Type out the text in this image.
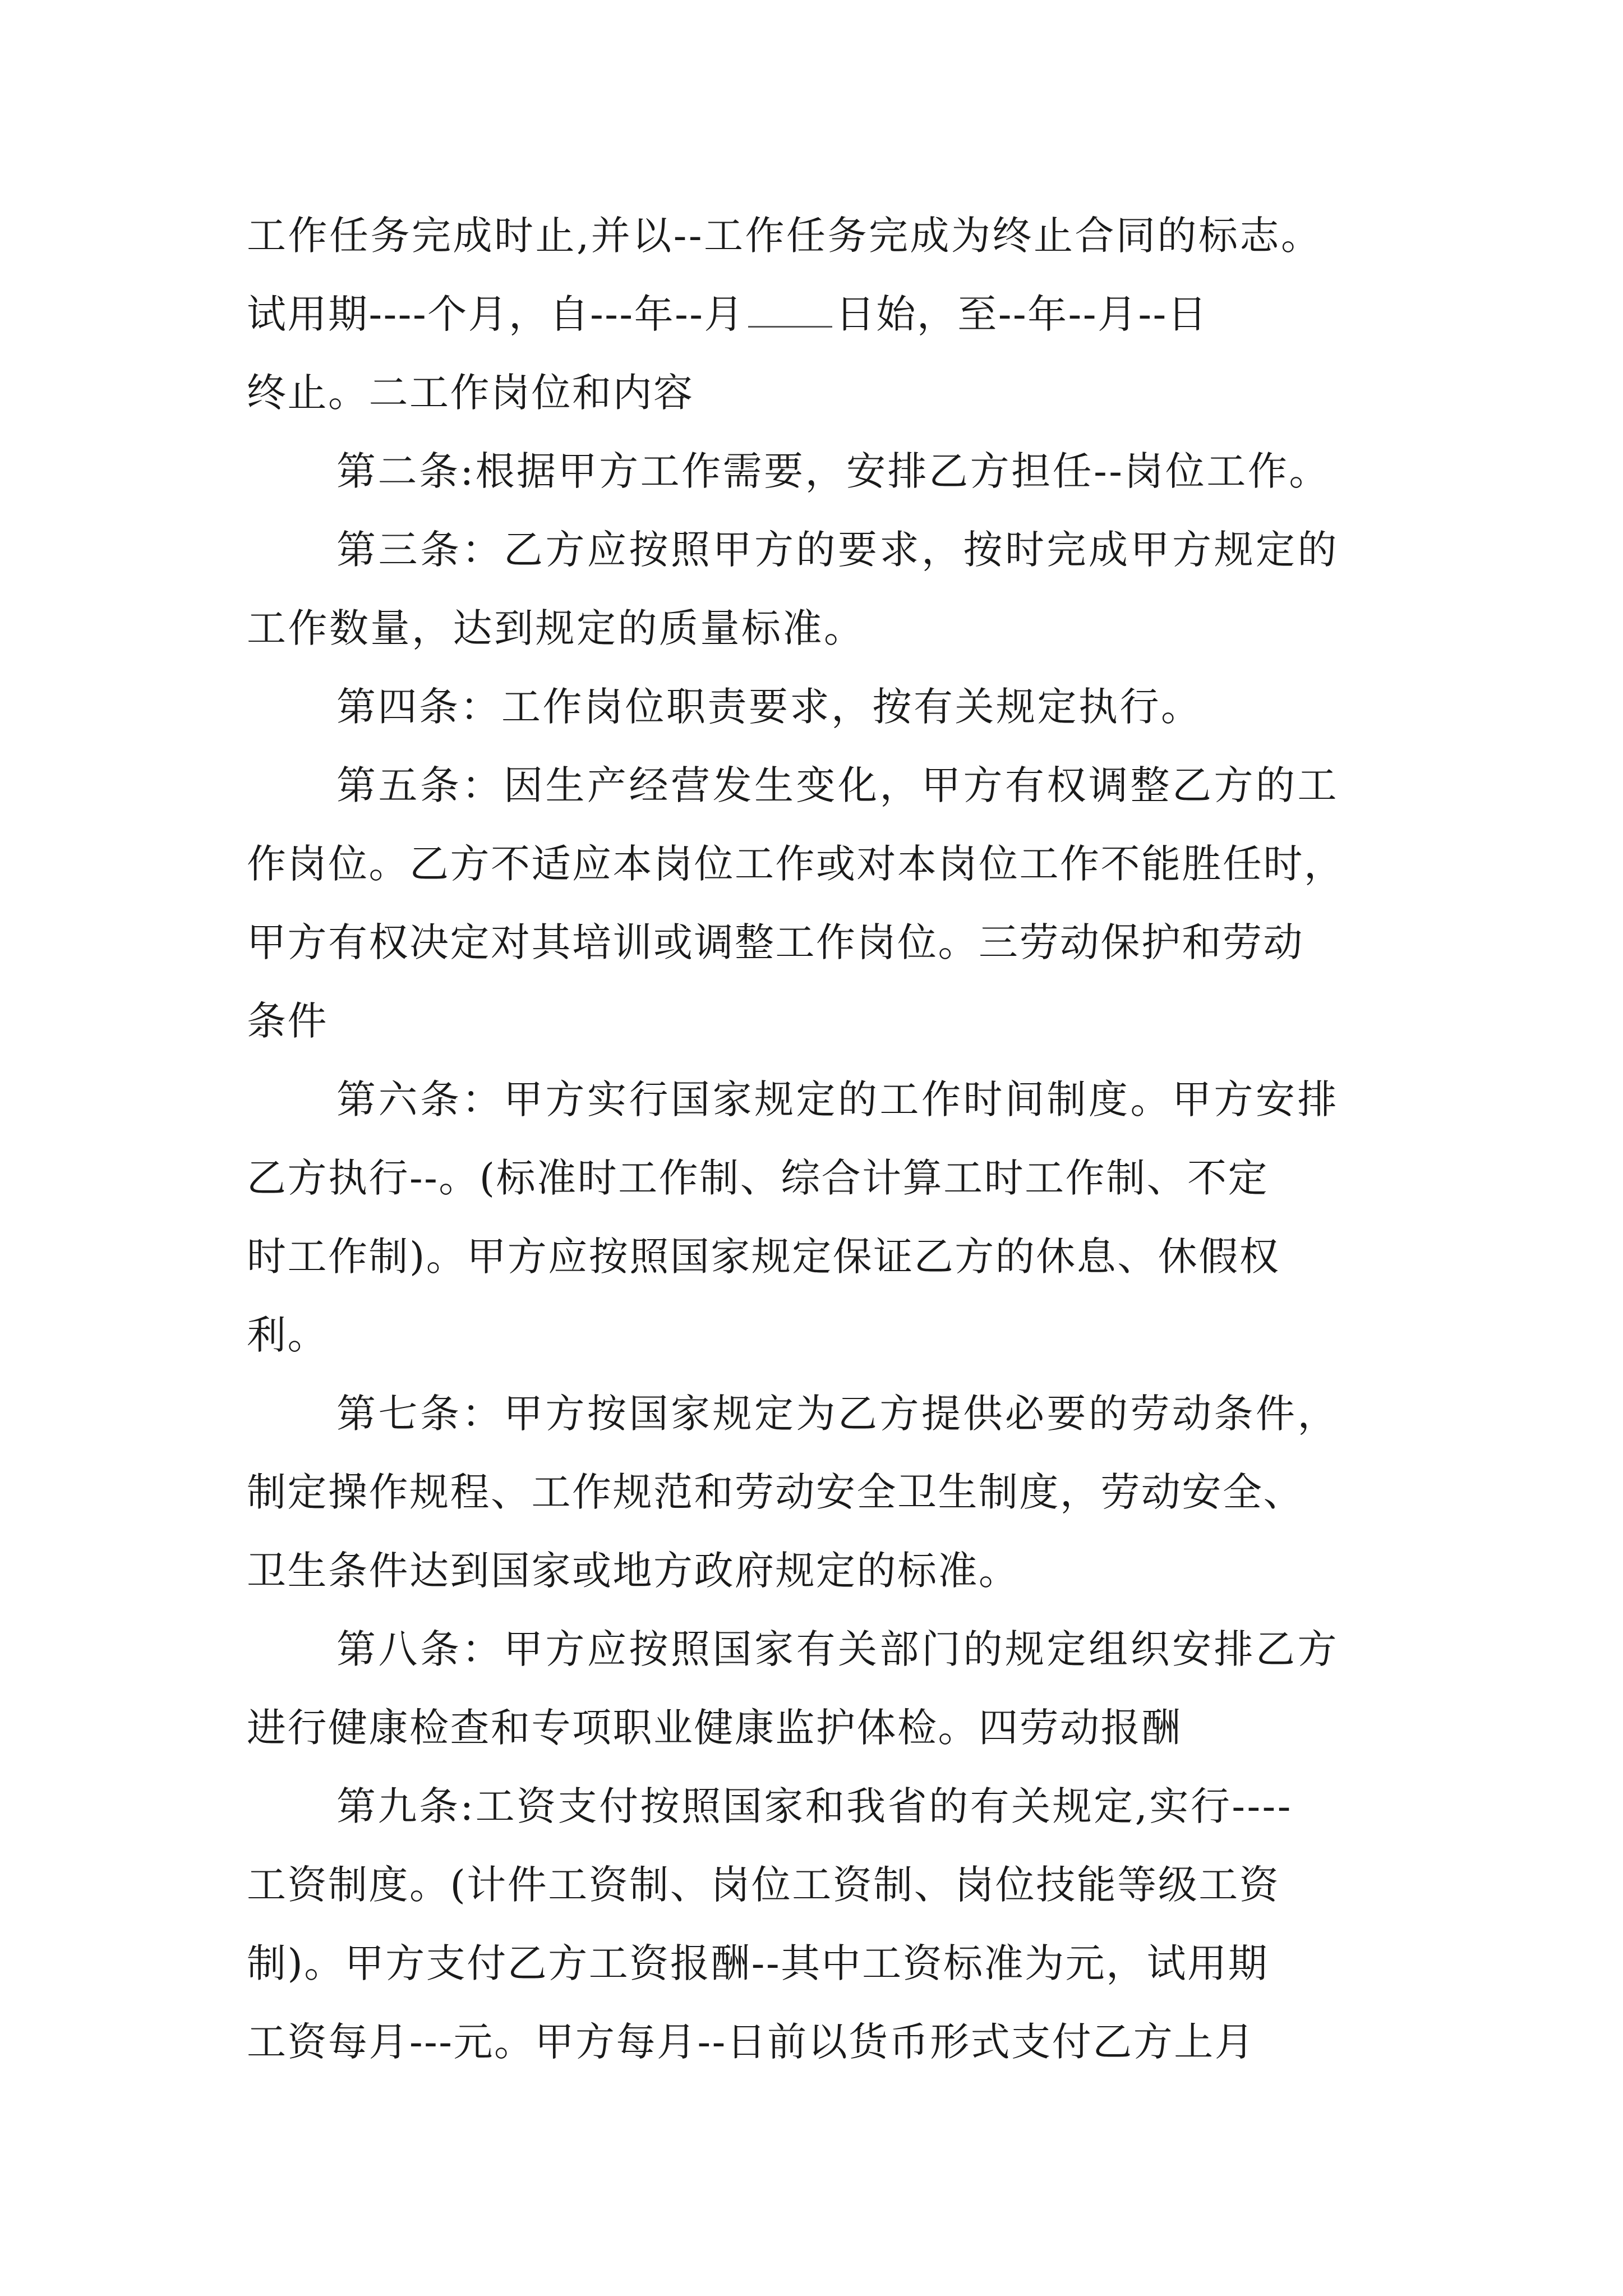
工作任务完成时止,并以--工作任务完成为终止合同的标志。

试用期----个月，自---年--月 日始，至--年--月--日

终止。二工作岗位和内容

第二条:根据甲方工作需要，安排乙方担任--岗位工作。

第三条：乙方应按照甲方的要求，按时完成甲方规定的

工作数量，达到规定的质量标准。

第四条：工作岗位职责要求，按有关规定执行。

第五条：因生产经营发生变化，甲方有权调整乙方的工

作岗位。乙方不适应本岗位工作或对本岗位工作不能胜任时，

甲方有权决定对其培训或调整工作岗位。三劳动保护和劳动

条件

第六条：甲方实行国家规定的工作时间制度。甲方安排

乙方执行--。(标准时工作制、综合计算工时工作制、不定

时工作制)。甲方应按照国家规定保证乙方的休息、休假权

利。

第七条：甲方按国家规定为乙方提供必要的劳动条件，

制定操作规程、工作规范和劳动安全卫生制度，劳动安全、

卫生条件达到国家或地方政府规定的标准。

第八条：甲方应按照国家有关部门的规定组织安排乙方

进行健康检查和专项职业健康监护体检。四劳动报酬

第九条:工资支付按照国家和我省的有关规定,实行----

工资制度。(计件工资制、岗位工资制、岗位技能等级工资

制)。甲方支付乙方工资报酬--其中工资标准为元，试用期

工资每月---元。甲方每月--日前以货币形式支付乙方上月
